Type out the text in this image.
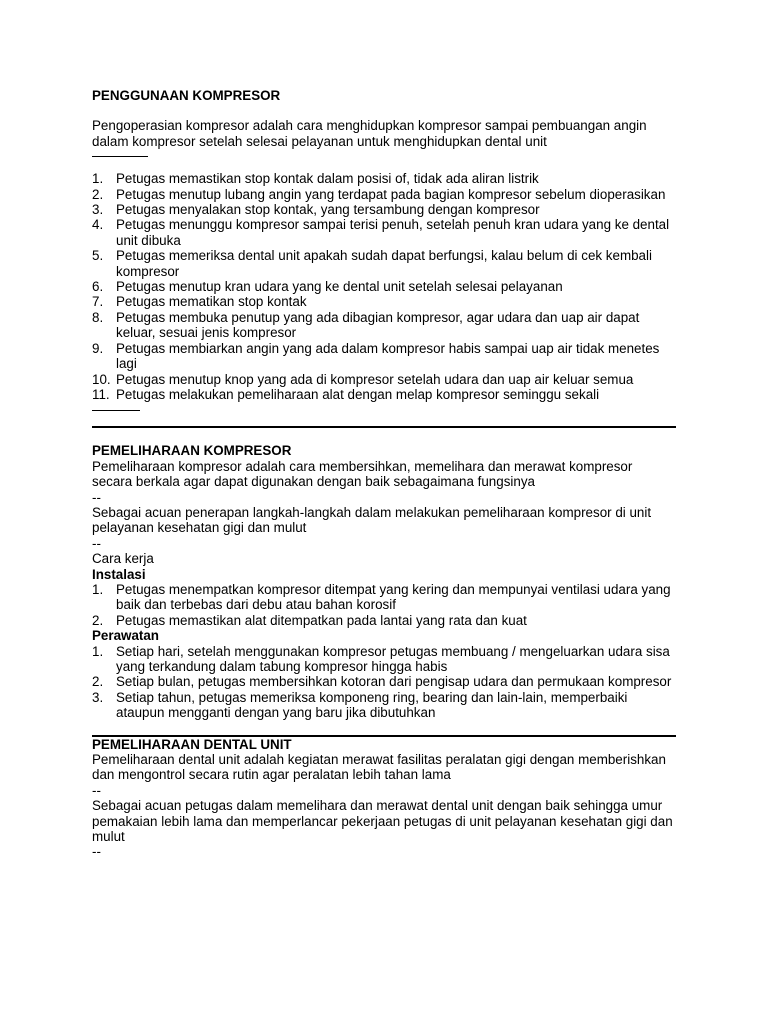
PENGGUNAAN KOMPRESOR

Pengoperasian kompresor adalah cara menghidupkan kompresor sampai pembuangan angin dalam kompresor setelah selesai pelayanan untuk menghidupkan dental unit

1. Petugas memastikan stop kontak dalam posisi of, tidak ada aliran listrik
2. Petugas menutup lubang angin yang terdapat pada bagian kompresor sebelum dioperasikan
3. Petugas menyalakan stop kontak, yang tersambung dengan kompresor
4. Petugas menunggu kompresor sampai terisi penuh, setelah penuh kran udara yang ke dental unit dibuka
5. Petugas memeriksa dental unit apakah sudah dapat berfungsi, kalau belum di cek kembali kompresor
6. Petugas menutup kran udara yang ke dental unit setelah selesai pelayanan
7. Petugas mematikan stop kontak
8. Petugas membuka penutup yang ada dibagian kompresor, agar udara dan uap air dapat keluar, sesuai jenis kompresor
9. Petugas membiarkan angin yang ada dalam kompresor habis sampai uap air tidak menetes lagi
10. Petugas menutup knop yang ada di kompresor setelah udara dan uap air keluar semua
11. Petugas melakukan pemeliharaan alat dengan melap kompresor seminggu sekali
PEMELIHARAAN KOMPRESOR

Pemeliharaan kompresor adalah cara membersihkan, memelihara dan merawat kompresor secara berkala agar dapat digunakan dengan baik sebagaimana fungsinya

--

Sebagai acuan penerapan langkah-langkah dalam melakukan pemeliharaan kompresor di unit pelayanan kesehatan gigi dan mulut

--
Cara kerja
Instalasi
1. Petugas menempatkan kompresor ditempat yang kering dan mempunyai ventilasi udara yang baik dan terbebas dari debu atau bahan korosif
2. Petugas memastikan alat ditempatkan pada lantai yang rata dan kuat
Perawatan
1. Setiap hari, setelah menggunakan kompresor petugas membuang / mengeluarkan udara sisa yang terkandung dalam tabung kompresor hingga habis
2. Setiap bulan, petugas membersihkan kotoran dari pengisap udara dan permukaan kompresor
3. Setiap tahun, petugas memeriksa komponeng ring, bearing dan lain-lain, memperbaiki ataupun mengganti dengan yang baru jika dibutuhkan
PEMELIHARAAN DENTAL UNIT

Pemeliharaan dental unit adalah kegiatan merawat fasilitas peralatan gigi dengan memberishkan dan mengontrol secara rutin agar peralatan lebih tahan lama

--

Sebagai acuan petugas dalam memelihara dan merawat dental unit dengan baik sehingga umur pemakaian lebih lama dan memperlancar pekerjaan petugas di unit pelayanan kesehatan gigi dan mulut

--
